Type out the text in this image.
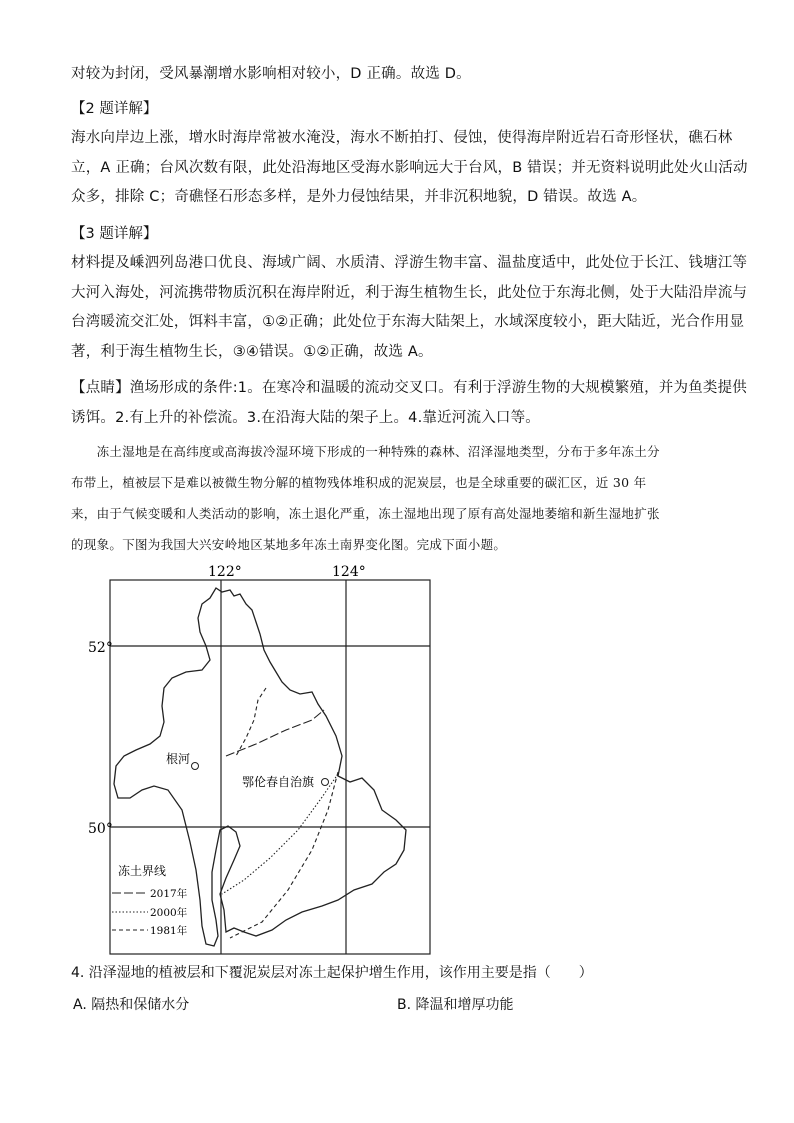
对较为封闭，受风暴潮增水影响相对较小，D 正确。故选 D。
【2 题详解】
海水向岸边上涨，增水时海岸常被水淹没，海水不断拍打、侵蚀，使得海岸附近岩石奇形怪状，礁石林
立，A 正确；台风次数有限，此处沿海地区受海水影响远大于台风，B 错误；并无资料说明此处火山活动
众多，排除 C；奇礁怪石形态多样，是外力侵蚀结果，并非沉积地貌，D 错误。故选 A。
【3 题详解】
材料提及嵊泗列岛港口优良、海域广阔、水质清、浮游生物丰富、温盐度适中，此处位于长江、钱塘江等
大河入海处，河流携带物质沉积在海岸附近，利于海生植物生长，此处位于东海北侧，处于大陆沿岸流与
台湾暖流交汇处，饵料丰富，①②正确；此处位于东海大陆架上，水域深度较小，距大陆近，光合作用显
著，利于海生植物生长，③④错误。①②正确，故选 A。
【点睛】渔场形成的条件:1。在寒冷和温暖的流动交叉口。有利于浮游生物的大规模繁殖，并为鱼类提供
诱饵。2.有上升的补偿流。3.在沿海大陆的架子上。4.靠近河流入口等。
　　冻土湿地是在高纬度或高海拔冷湿环境下形成的一种特殊的森林、沼泽湿地类型，分布于多年冻土分
布带上，植被层下是难以被微生物分解的植物残体堆积成的泥炭层，也是全球重要的碳汇区，近 30 年
来，由于气候变暖和人类活动的影响，冻土退化严重，冻土湿地出现了原有高处湿地萎缩和新生湿地扩张
的现象。下图为我国大兴安岭地区某地多年冻土南界变化图。完成下面小题。
122°	124°
52°
50°
根河
鄂伦春自治旗
冻土界线
2017年
2000年
1981年
4. 沿泽湿地的植被层和下覆泥炭层对冻土起保护增生作用，该作用主要是指（　　）
A. 隔热和保储水分	B. 降温和增厚功能
